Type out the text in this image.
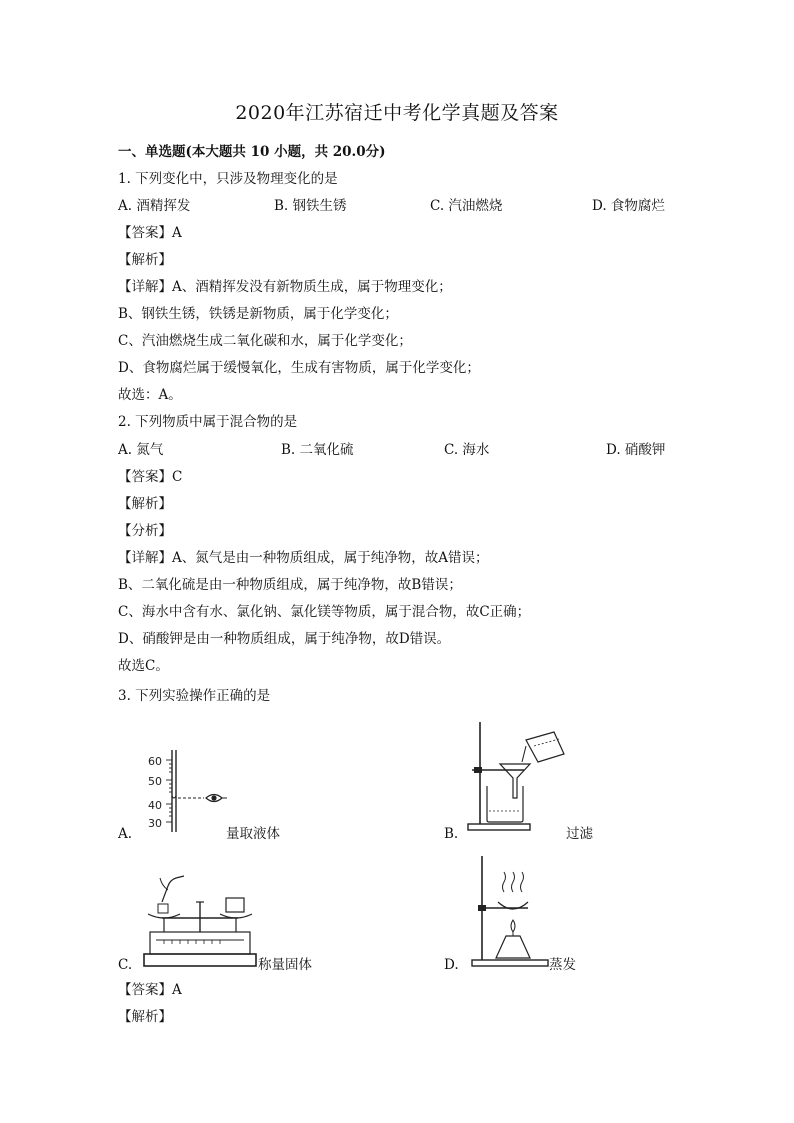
2020年江苏宿迁中考化学真题及答案
一、单选题(本大题共 10 小题，共 20.0分)
1. 下列变化中，只涉及物理变化的是
A. 酒精挥发	B. 钢铁生锈	C. 汽油燃烧	D. 食物腐烂
【答案】A
【解析】
【详解】A、酒精挥发没有新物质生成，属于物理变化；
B、钢铁生锈，铁锈是新物质，属于化学变化；
C、汽油燃烧生成二氧化碳和水，属于化学变化；
D、食物腐烂属于缓慢氧化，生成有害物质，属于化学变化；
故选：A。
2. 下列物质中属于混合物的是
A. 氮气	B. 二氧化硫	C. 海水	D. 硝酸钾
【答案】C
【解析】
【分析】
【详解】A、氮气是由一种物质组成，属于纯净物，故A错误；
B、二氧化硫是由一种物质组成，属于纯净物，故B错误；
C、海水中含有水、氯化钠、氯化镁等物质，属于混合物，故C正确；
D、硝酸钾是由一种物质组成，属于纯净物，故D错误。
故选C。
3. 下列实验操作正确的是
60
50
40
30
A.	量取液体	B.	过滤
C.	称量固体	D.	蒸发
【答案】A
【解析】
